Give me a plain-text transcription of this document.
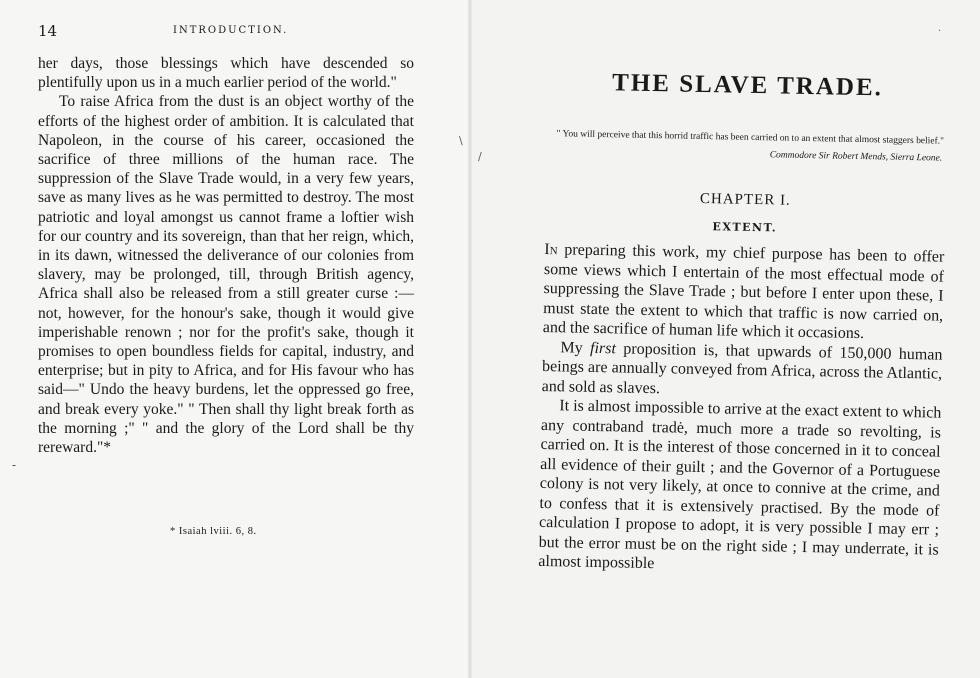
14	INTRODUCTION.

her days, those blessings which have descended so plentifully upon us in a much earlier period of the world."

To raise Africa from the dust is an object worthy of the efforts of the highest order of ambition. It is calculated that Napoleon, in the course of his career, occasioned the sacrifice of three millions of the human race. The suppression of the Slave Trade would, in a very few years, save as many lives as he was permitted to destroy. The most patriotic and loyal amongst us cannot frame a loftier wish for our country and its sovereign, than that her reign, which, in its dawn, witnessed the deliverance of our colonies from slavery, may be prolonged, till, through British agency, Africa shall also be released from a still greater curse :—not, however, for the honour's sake, though it would give imperishable renown ; nor for the profit's sake, though it promises to open boundless fields for capital, industry, and enterprise; but in pity to Africa, and for His favour who has said—" Undo the heavy burdens, let the oppressed go free, and break every yoke." " Then shall thy light break forth as the morning ;" " and the glory of the Lord shall be thy rereward."*

* Isaiah lviii. 6, 8.
\
/
-
·
THE SLAVE TRADE.
" You will perceive that this horrid traffic has been carried on to an extent that almost staggers belief."
Commodore Sir Robert Mends, Sierra Leone.
CHAPTER I.
EXTENT.

In preparing this work, my chief purpose has been to offer some views which I entertain of the most effectual mode of suppressing the Slave Trade ; but before I enter upon these, I must state the extent to which that traffic is now carried on, and the sacrifice of human life which it occasions.

My first proposition is, that upwards of 150,000 human beings are annually conveyed from Africa, across the Atlantic, and sold as slaves.

It is almost impossible to arrive at the exact extent to which any contraband tradė, much more a trade so revolting, is carried on. It is the interest of those concerned in it to conceal all evidence of their guilt ; and the Governor of a Portuguese colony is not very likely, at once to connive at the crime, and to confess that it is extensively practised. By the mode of calculation I propose to adopt, it is very possible I may err ; but the error must be on the right side ; I may underrate, it is almost impossible
